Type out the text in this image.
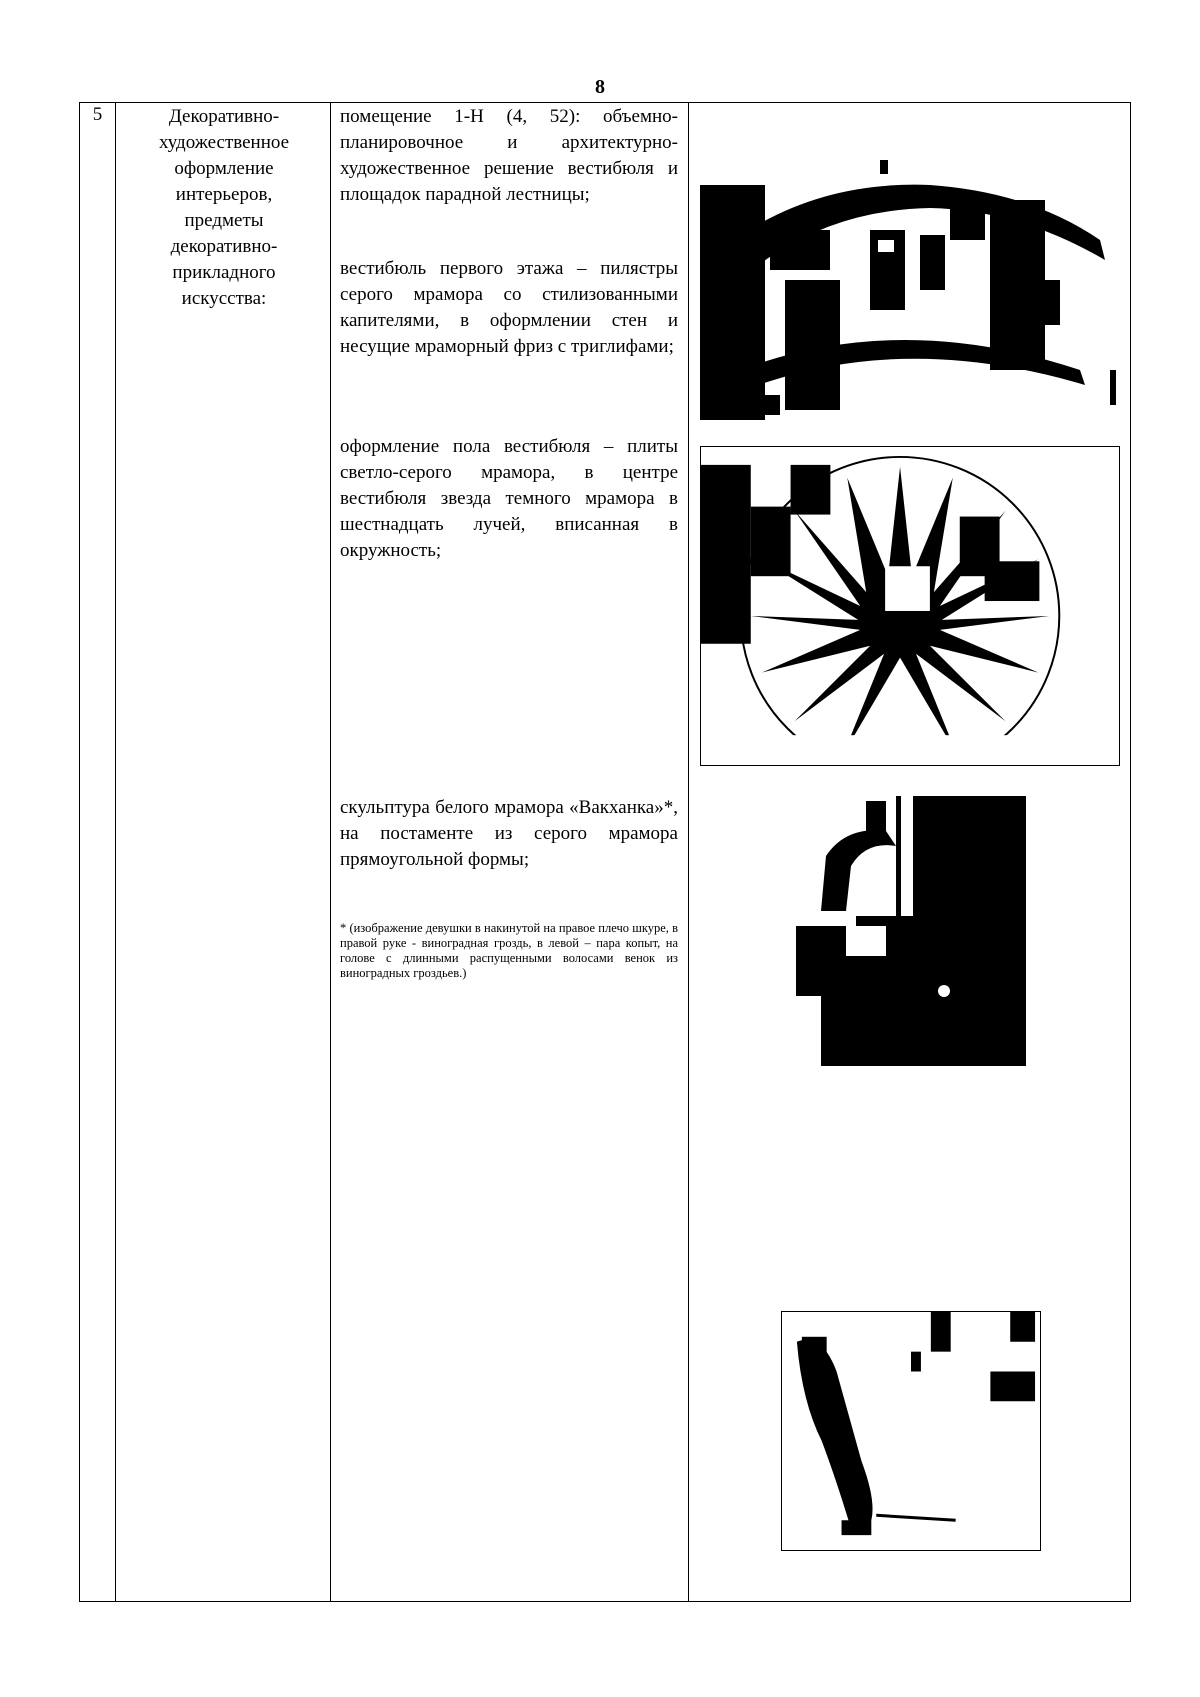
8
5	Декоративно-
художественное
оформление
интерьеров,
предметы
декоративно-
прикладного
искусства:
помещение 1-Н (4, 52): объемно-планировочное и архитектурно-художественное решение вестибюля и площадок парадной лестницы;
вестибюль первого этажа – пилястры серого мрамора со стилизованными капителями, в оформлении стен и несущие мраморный фриз с триглифами;
оформление пола вестибюля – плиты светло-серого мрамора, в центре вестибюля звезда темного мрамора в шестнадцать лучей, вписанная в окружность;
скульптура белого мрамора «Вакханка»*, на постаменте из серого мрамора прямоугольной формы;
* (изображение девушки в накинутой на правое плечо шкуре, в правой руке - виноградная гроздь, в левой – пара копыт, на голове с длинными распущенными волосами венок из виноградных гроздьев.)
